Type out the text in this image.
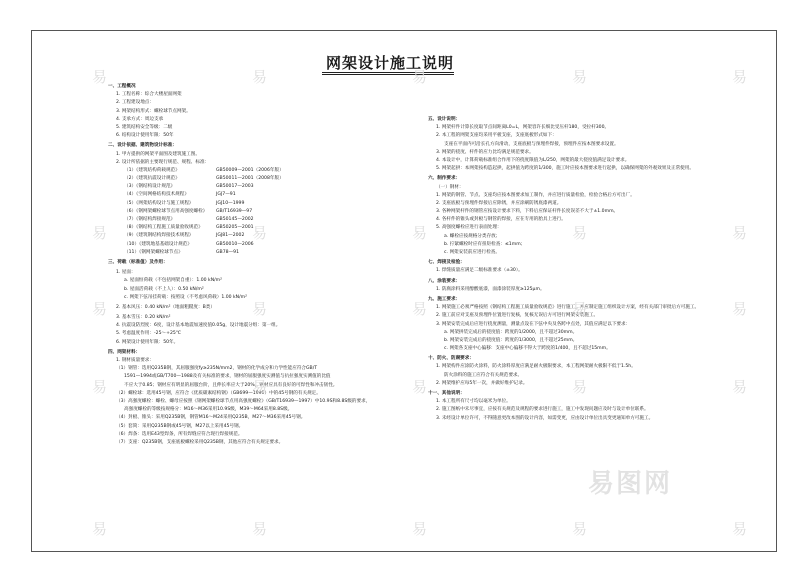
网架设计施工说明
一、工程概况
1. 工程名称：综合大楼屋面网架
2. 工程建设地点：
3. 网架结构形式：螺栓球节点网架。
4. 支承方式：周边支承
5. 建筑结构安全等级：二级
6. 结构设计使用年限：50年
二、设计依据、建筑物设计标准：
1. 甲方提供的网架平面图及建筑施工图。
2. 设计所依据的主要现行规范、规程、标准：
（1）《建筑结构荷载规范》	GB50009—2001（2006年版）
（2）《建筑抗震设计规范》	GB50011—2001（2008年版）
（3）《钢结构设计规范》	GB50017—2003
（4）《空间网格结构技术规程》	JGJ7—91
（5）《网架结构设计与施工规程》	JGJ10—1999
（6）《钢网架螺栓球节点用高强度螺栓》 GB/T16939—97
（7）《钢结构焊接规范》	GB50145—2002
（8）《钢结构工程施工质量验收规范》	GB50205—2001
（9）《建筑钢结构焊接技术规程》	JGJ81—2002
（10）《建筑地基基础设计规范》	GB50010—2006
（11）《钢网架螺栓球节点》	GB78—91
三、荷载（标准值）及作用：
1. 屋面：
a. 屋面恒荷载（不包括网架自重）：1.00 kN/m²
b. 屋面活荷载（不上人）：0.50 kN/m²
c. 网架下弦吊挂荷载：按照设（不考虑风荷载）1.00 kN/m²
2. 基本风压：0.40 kN/m²（地面粗糙度：B类）
3. 基本雪压：0.20 kN/m²
4. 抗震设防烈度：6度，设计基本地震加速度值0.05g，设计地震分组：第一组。
5. 考虑温度作用：-25～+25℃
6. 网架设计使用年限：50年。
四、网架材料：
1. 钢材质量要求：
（1）钢管：选用Q235B钢，其屈服强度fy≥235N/mm2，钢材的化学成分和力学性能应符合GB/T
1591—1994或GB/T700—1988及有关标准的要求，钢材的屈服强度实测值与抗拉强度实测值的比值
不应大于0.85；钢材应有明显的屈服台阶，且伸长率应大于20%，钢材应具有良好的可焊性和冲击韧性。
（2）螺栓球：选用45号钢，应符合《优质碳素结构钢》（GB699—1999）中的45号钢的有关规定。
（3）高强度螺栓：螺栓、螺母应按照《钢网架螺栓球节点用高强度螺栓》（GB/T16939—1997）中10.9S和8.8S级的要求，
高强度螺栓的等级按规格分：M16～M36采用10.9S级，M39～M64采用8.8S级。
（4）封板、锥头：采用Q235B钢，钢管M16～M24采用Q235B，M27～M36采用45号钢。
（5）套筒：采用Q235B钢或45号钢，M27以上采用45号钢。
（6）焊条：选用E43型焊条，所有焊缝应符合现行焊接规范。
（7）支座：Q235B钢，支座底板螺栓采用Q235B钢，其他应符合有关规定要求。
五、设计说明：
1. 网架杆件计算长度取节点间距离L0=L，网架容许长细比受压杆180，受拉杆300。
2. 本工程的网架支座均采用平板支座，支座底板形式如下：
支座在平面内可沿长孔方向滑动，支座底板与预埋件焊接，预埋件应按本图要求设置。
3. 网架的挠度、杆件的应力比均满足规范要求。
4. 本设计中，计算荷载标准组合作用下的挠度限值为L/250，网架的最大挠度值满足设计要求。
5. 网架起拱：本网架按构造起拱，起拱值为跨度的1/300，施工时应按本图要求进行起拱，以确保网架的外观效果及正常使用。
六、制作要求：
（一）钢材：
1. 网架的钢管、节点、支座均应按本图要求加工制作，并应进行质量检验，检验合格后方可出厂。
2. 支座底板与预埋件焊接后应除锈，并应涂刷防锈底漆两道。
3. 各种网架杆件的钢管应按设计要求下料，下料后应保证杆件长度误差不大于±1.0mm。
4. 各杆件的锥头或封板与钢管的焊接，应在专用的胎具上进行。
5. 高强度螺栓应进行表面处理：
a. 螺栓应按规格分类存放；
b. 拧紧螺栓时应有扭矩检查：≤1mm；
c. 网架安装前应进行检查。
七、焊接及检验：
1. 焊缝质量应满足二级标准要求（±30）。
八、涂装要求：
1. 防腐涂料采用醇酸底漆，面漆涂装厚度≥125μm。
九、施工要求：
1. 网架施工必须严格按照《钢结构工程施工质量验收规范》进行施工，并应制定施工组织设计方案，经有关部门审批后方可施工。
2. 施工前应对支座及预埋件位置进行复核，复核无误后方可进行网架安装施工。
3. 网架安装完成后应进行挠度测量，测量点设在下弦中央及各跨中点处，其值应满足以下要求：
a. 网架拼装完成后的挠度值：跨度的1/2000，且不超过30mm。
b. 网架安装完成后的挠度值：跨度的1/3000，且不超过25mm。
c. 网架各支座中心偏移：支座中心偏移不得大于跨度的1/400，且不超过15mm。
十、防火、防腐要求：
1. 网架构件应涂防火涂料，防火涂料厚度应满足耐火极限要求，本工程网架耐火极限不低于1.5h。
防火涂料的施工应符合有关规范要求。
2. 网架维护应每5年一次，并做好维护记录。
十一、其他说明：
1. 本工程所有尺寸均以毫米为单位。
2. 施工图纸中未尽事宜，应按有关规范及规程的要求进行施工，施工中发现问题应及时与设计单位联系。
3. 未经设计单位许可，不得随意更改本图的设计内容，如需变更，应由设计单位出具变更通知单方可施工。
易	易	易	易	易
易	易	易	易	易
易	易	易	易	易
易	易	易	易	易
易	易	易	易	易
易图网
